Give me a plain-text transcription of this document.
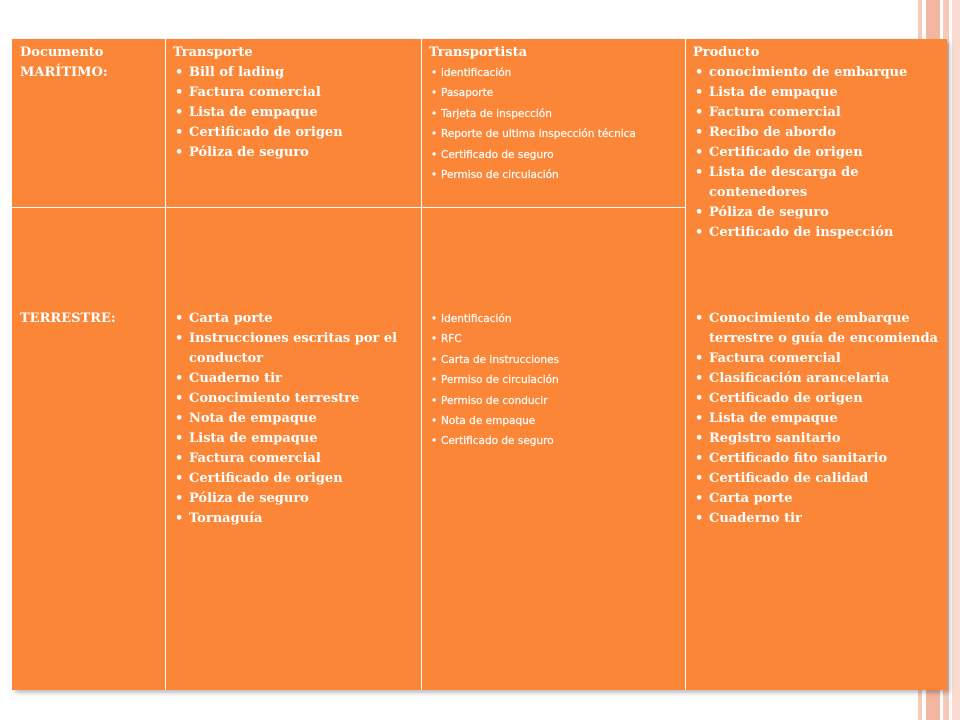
Documento MARÍTIMO:
Transporte
• Bill of lading
• Factura comercial
• Lista de empaque
• Certificado de origen
• Póliza de seguro
Transportista
• identificación
• Pasaporte
• Tarjeta de inspección
• Reporte de ultima inspección técnica
• Certificado de seguro
• Permiso de circulación
Producto
• conocimiento de embarque
• Lista de empaque
• Factura comercial
• Recibo de abordo
• Certificado de origen
• Lista de descarga de contenedores
• Póliza de seguro
• Certificado de inspección
TERRESTRE:
•	Carta porte
• Instrucciones escritas por el conductor
• Cuaderno tir
• Conocimiento terrestre
• Nota de empaque
• Lista de empaque
• Factura comercial
• Certificado de origen
• Póliza de seguro
• Tornaguía
• Identificación
• RFC
• Carta de instrucciones
• Permiso de circulación
• Permiso de conducir
• Nota de empaque
• Certificado de seguro
• Conocimiento de embarque terrestre o guía de encomienda
• Factura comercial
• Clasificación arancelaria
• Certificado de origen
• Lista de empaque
• Registro sanitario
• Certificado fito sanitario
• Certificado de calidad
• Carta porte
• Cuaderno tir
